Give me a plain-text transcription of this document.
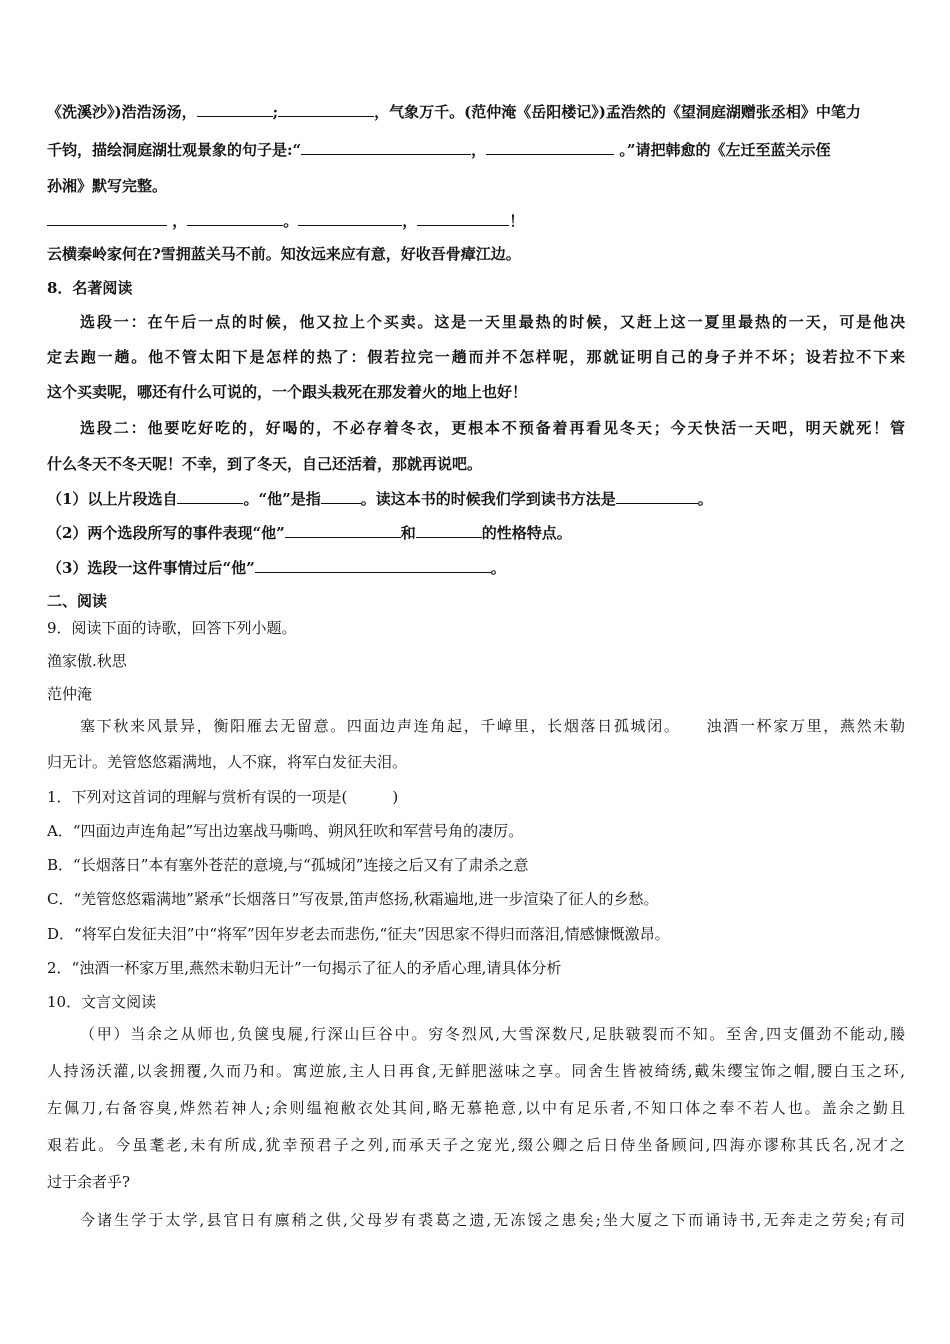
《洗溪沙》)浩浩汤汤，	;	，气象万千。(范仲淹《岳阳楼记》)孟浩然的《望洞庭湖赠张丞相》中笔力
千钧，描绘洞庭湖壮观景象的句子是:“	，	。”请把韩愈的《左迁至蓝关示侄
孙湘》默写完整。
，	。	，	！
云横秦岭家何在?雪拥蓝关马不前。知汝远来应有意，好收吾骨瘴江边。
8．名著阅读
选段一：在午后一点的时候，他又拉上个买卖。这是一天里最热的时候，又赶上这一夏里最热的一天，可是他决
定去跑一趟。他不管太阳下是怎样的热了：假若拉完一趟而并不怎样呢，那就证明自己的身子并不坏；设若拉不下来
这个买卖呢，哪还有什么可说的，一个跟头栽死在那发着火的地上也好！
选段二：他要吃好吃的，好喝的，不必存着冬衣，更根本不预备着再看见冬天；今天快活一天吧，明天就死！管
什么冬天不冬天呢！不幸，到了冬天，自己还活着，那就再说吧。
（1）以上片段选自	。“他”是指	。读这本书的时候我们学到读书方法是	。
（2）两个选段所写的事件表现“他”	和	的性格特点。
（3）选段一这件事情过后“他”	。
二、阅读
9．阅读下面的诗歌，回答下列小题。
渔家傲.秋思
范仲淹
塞下秋来风景异，衡阳雁去无留意。四面边声连角起，千嶂里，长烟落日孤城闭。　　浊酒一杯家万里，燕然未勒
归无计。羌管悠悠霜满地，人不寐，将军白发征夫泪。
1．下列对这首词的理解与赏析有误的一项是(　　　)
A．“四面边声连角起”写出边塞战马嘶鸣、朔风狂吹和军营号角的凄厉。
B．“长烟落日”本有塞外苍茫的意境,与“孤城闭”连接之后又有了肃杀之意
C．“羌管悠悠霜满地”紧承“长烟落日”写夜景,笛声悠扬,秋霜遍地,进一步渲染了征人的乡愁。
D．“将军白发征夫泪”中“将军”因年岁老去而悲伤,“征夫”因思家不得归而落泪,情感慷慨激昂。
2．“浊酒一杯家万里,燕然未勒归无计”一句揭示了征人的矛盾心理,请具体分析
10．文言文阅读
（甲）当余之从师也,负箧曳屣,行深山巨谷中。穷冬烈风,大雪深数尺,足肤皲裂而不知。至舍,四支僵劲不能动,媵
人持汤沃灌,以衾拥覆,久而乃和。寓逆旅,主人日再食,无鲜肥滋味之享。同舍生皆被绮绣,戴朱缨宝饰之帽,腰白玉之环,
左佩刀,右备容臭,烨然若神人;余则缊袍敝衣处其间,略无慕艳意,以中有足乐者,不知口体之奉不若人也。盖余之勤且
艰若此。今虽耄老,未有所成,犹幸预君子之列,而承天子之宠光,缀公卿之后日侍坐备顾问,四海亦谬称其氏名,况才之
过于余者乎?
今诸生学于太学,县官日有廪稍之供,父母岁有裘葛之遗,无冻馁之患矣;坐大厦之下而诵诗书,无奔走之劳矣;有司
